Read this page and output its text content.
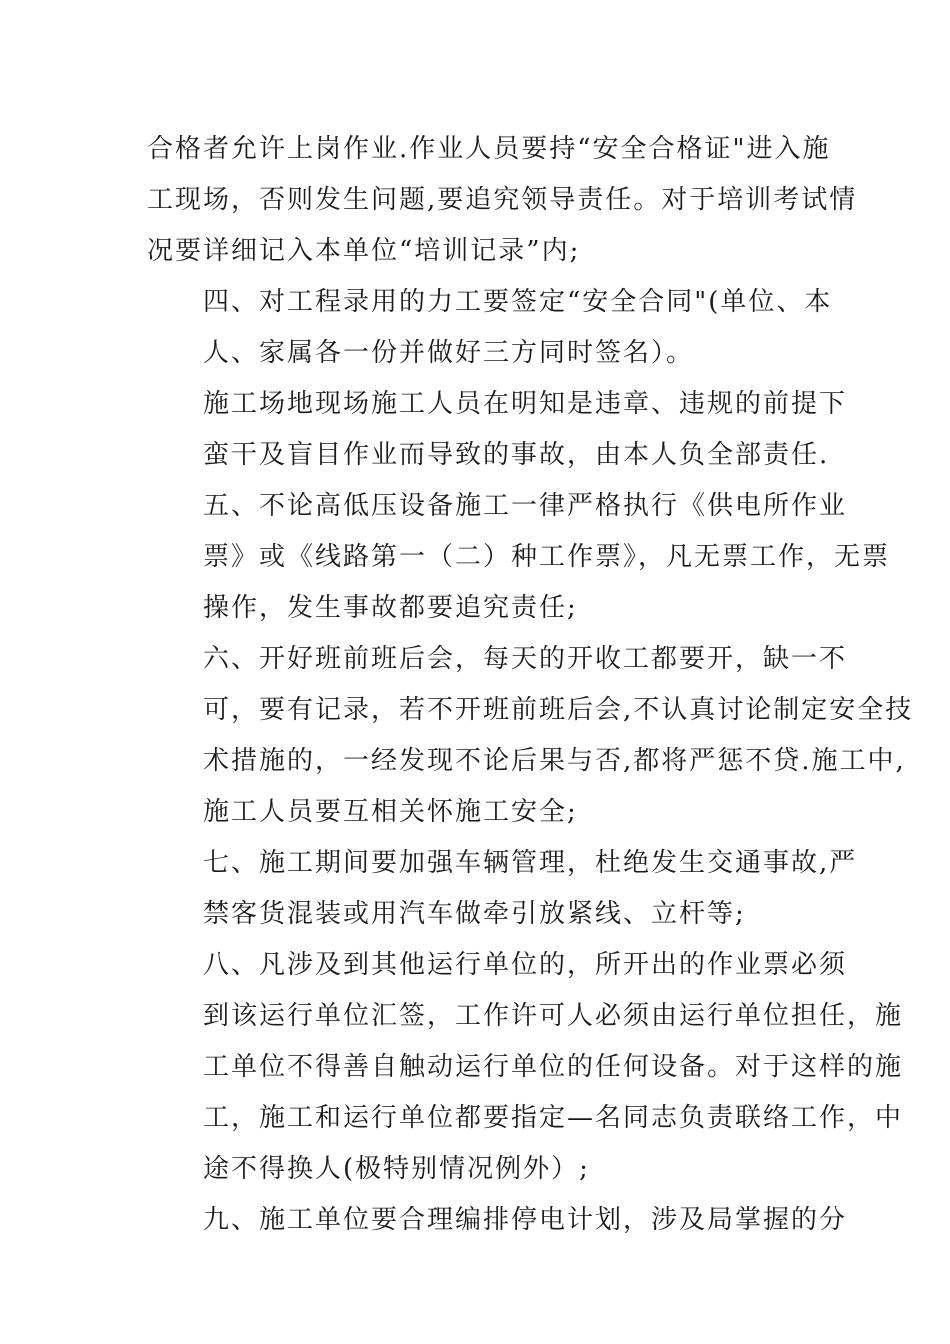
合格者允许上岗作业.作业人员要持“安全合格证"进入施
工现场，否则发生问题,要追究领导责任。对于培训考试情
况要详细记入本单位“培训记录”内;

四、对工程录用的力工要签定“安全合同"(单位、本
人、家属各一份并做好三方同时签名）。

施工场地现场施工人员在明知是违章、违规的前提下
蛮干及盲目作业而导致的事故，由本人负全部责任.

五、不论高低压设备施工一律严格执行《供电所作业
票》或《线路第一（二）种工作票》，凡无票工作，无票
操作，发生事故都要追究责任;

六、开好班前班后会，每天的开收工都要开，缺一不
可，要有记录，若不开班前班后会,不认真讨论制定安全技
术措施的，一经发现不论后果与否,都将严惩不贷.施工中,
施工人员要互相关怀施工安全;

七、施工期间要加强车辆管理，杜绝发生交通事故,严
禁客货混装或用汽车做牵引放紧线、立杆等;

八、凡涉及到其他运行单位的，所开出的作业票必须
到该运行单位汇签，工作许可人必须由运行单位担任，施
工单位不得善自触动运行单位的任何设备。对于这样的施
工，施工和运行单位都要指定—名同志负责联络工作，中
途不得换人(极特别情况例外）;

九、施工单位要合理编排停电计划，涉及局掌握的分
